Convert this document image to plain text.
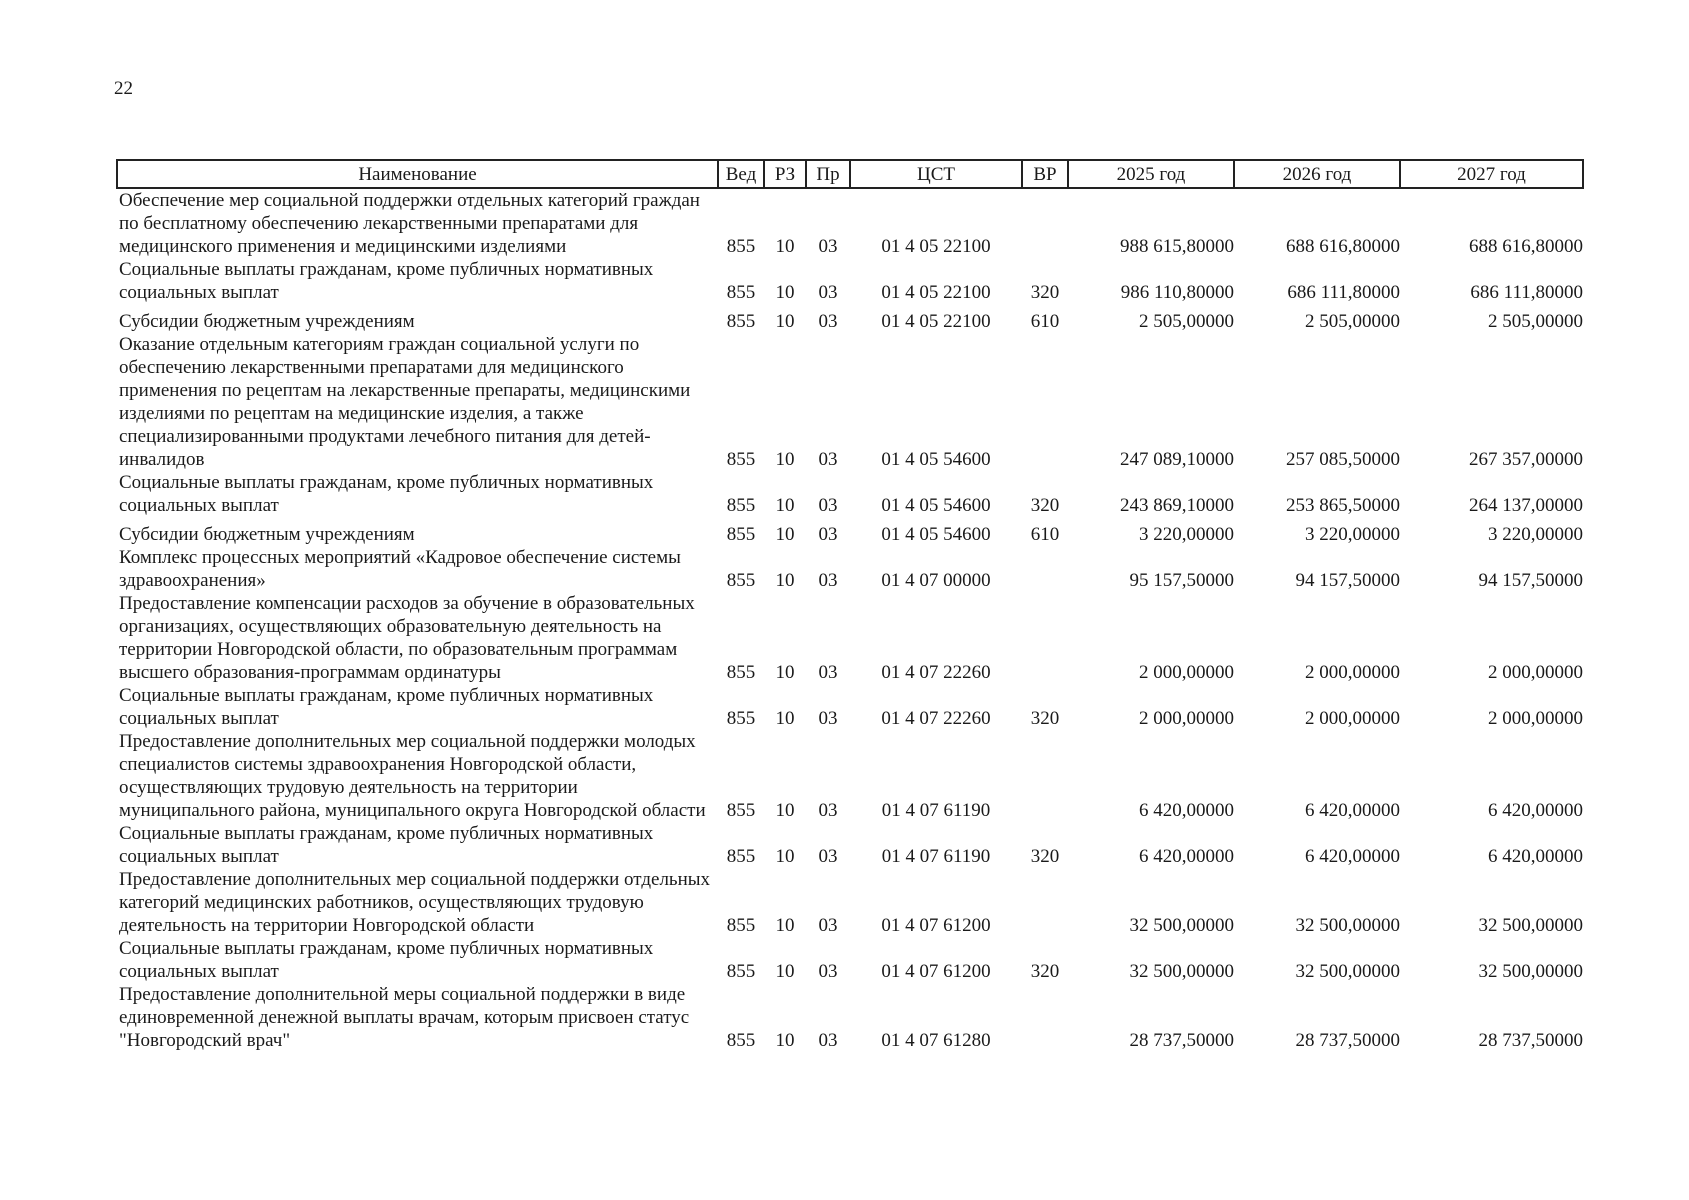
22
Наименование	Вед	РЗ	Пр	ЦСТ	ВР	2025 год	2026 год	2027 год
Обеспечение мер социальной поддержки отдельных категорий граждан по бесплатному обеспечению лекарственными препаратами для медицинского применения и медицинскими изделиями	855	10	03	01 4 05 22100		988 615,80000	688 616,80000	688 616,80000
Социальные выплаты гражданам, кроме публичных нормативных социальных выплат	855	10	03	01 4 05 22100	320	986 110,80000	686 111,80000	686 111,80000
Субсидии бюджетным учреждениям	855	10	03	01 4 05 22100	610	2 505,00000	2 505,00000	2 505,00000
Оказание отдельным категориям граждан социальной услуги по обеспечению лекарственными препаратами для медицинского применения по рецептам на лекарственные препараты, медицинскими изделиями по рецептам на медицинские изделия, а также специализированными продуктами лечебного питания для детей-инвалидов	855	10	03	01 4 05 54600		247 089,10000	257 085,50000	267 357,00000
Социальные выплаты гражданам, кроме публичных нормативных социальных выплат	855	10	03	01 4 05 54600	320	243 869,10000	253 865,50000	264 137,00000
Субсидии бюджетным учреждениям	855	10	03	01 4 05 54600	610	3 220,00000	3 220,00000	3 220,00000
Комплекс процессных мероприятий «Кадровое обеспечение системы здравоохранения»	855	10	03	01 4 07 00000		95 157,50000	94 157,50000	94 157,50000
Предоставление компенсации расходов за обучение в образовательных организациях, осуществляющих образовательную деятельность на территории Новгородской области, по образовательным программам высшего образования-программам ординатуры	855	10	03	01 4 07 22260		2 000,00000	2 000,00000	2 000,00000
Социальные выплаты гражданам, кроме публичных нормативных социальных выплат	855	10	03	01 4 07 22260	320	2 000,00000	2 000,00000	2 000,00000
Предоставление дополнительных мер социальной поддержки молодых специалистов системы здравоохранения Новгородской области, осуществляющих трудовую деятельность на территории муниципального района, муниципального округа Новгородской области	855	10	03	01 4 07 61190		6 420,00000	6 420,00000	6 420,00000
Социальные выплаты гражданам, кроме публичных нормативных социальных выплат	855	10	03	01 4 07 61190	320	6 420,00000	6 420,00000	6 420,00000
Предоставление дополнительных мер социальной поддержки отдельных категорий медицинских работников, осуществляющих трудовую деятельность на территории Новгородской области	855	10	03	01 4 07 61200		32 500,00000	32 500,00000	32 500,00000
Социальные выплаты гражданам, кроме публичных нормативных социальных выплат	855	10	03	01 4 07 61200	320	32 500,00000	32 500,00000	32 500,00000
Предоставление дополнительной меры социальной поддержки в виде единовременной денежной выплаты врачам, которым присвоен статус "Новгородский врач"	855	10	03	01 4 07 61280		28 737,50000	28 737,50000	28 737,50000
